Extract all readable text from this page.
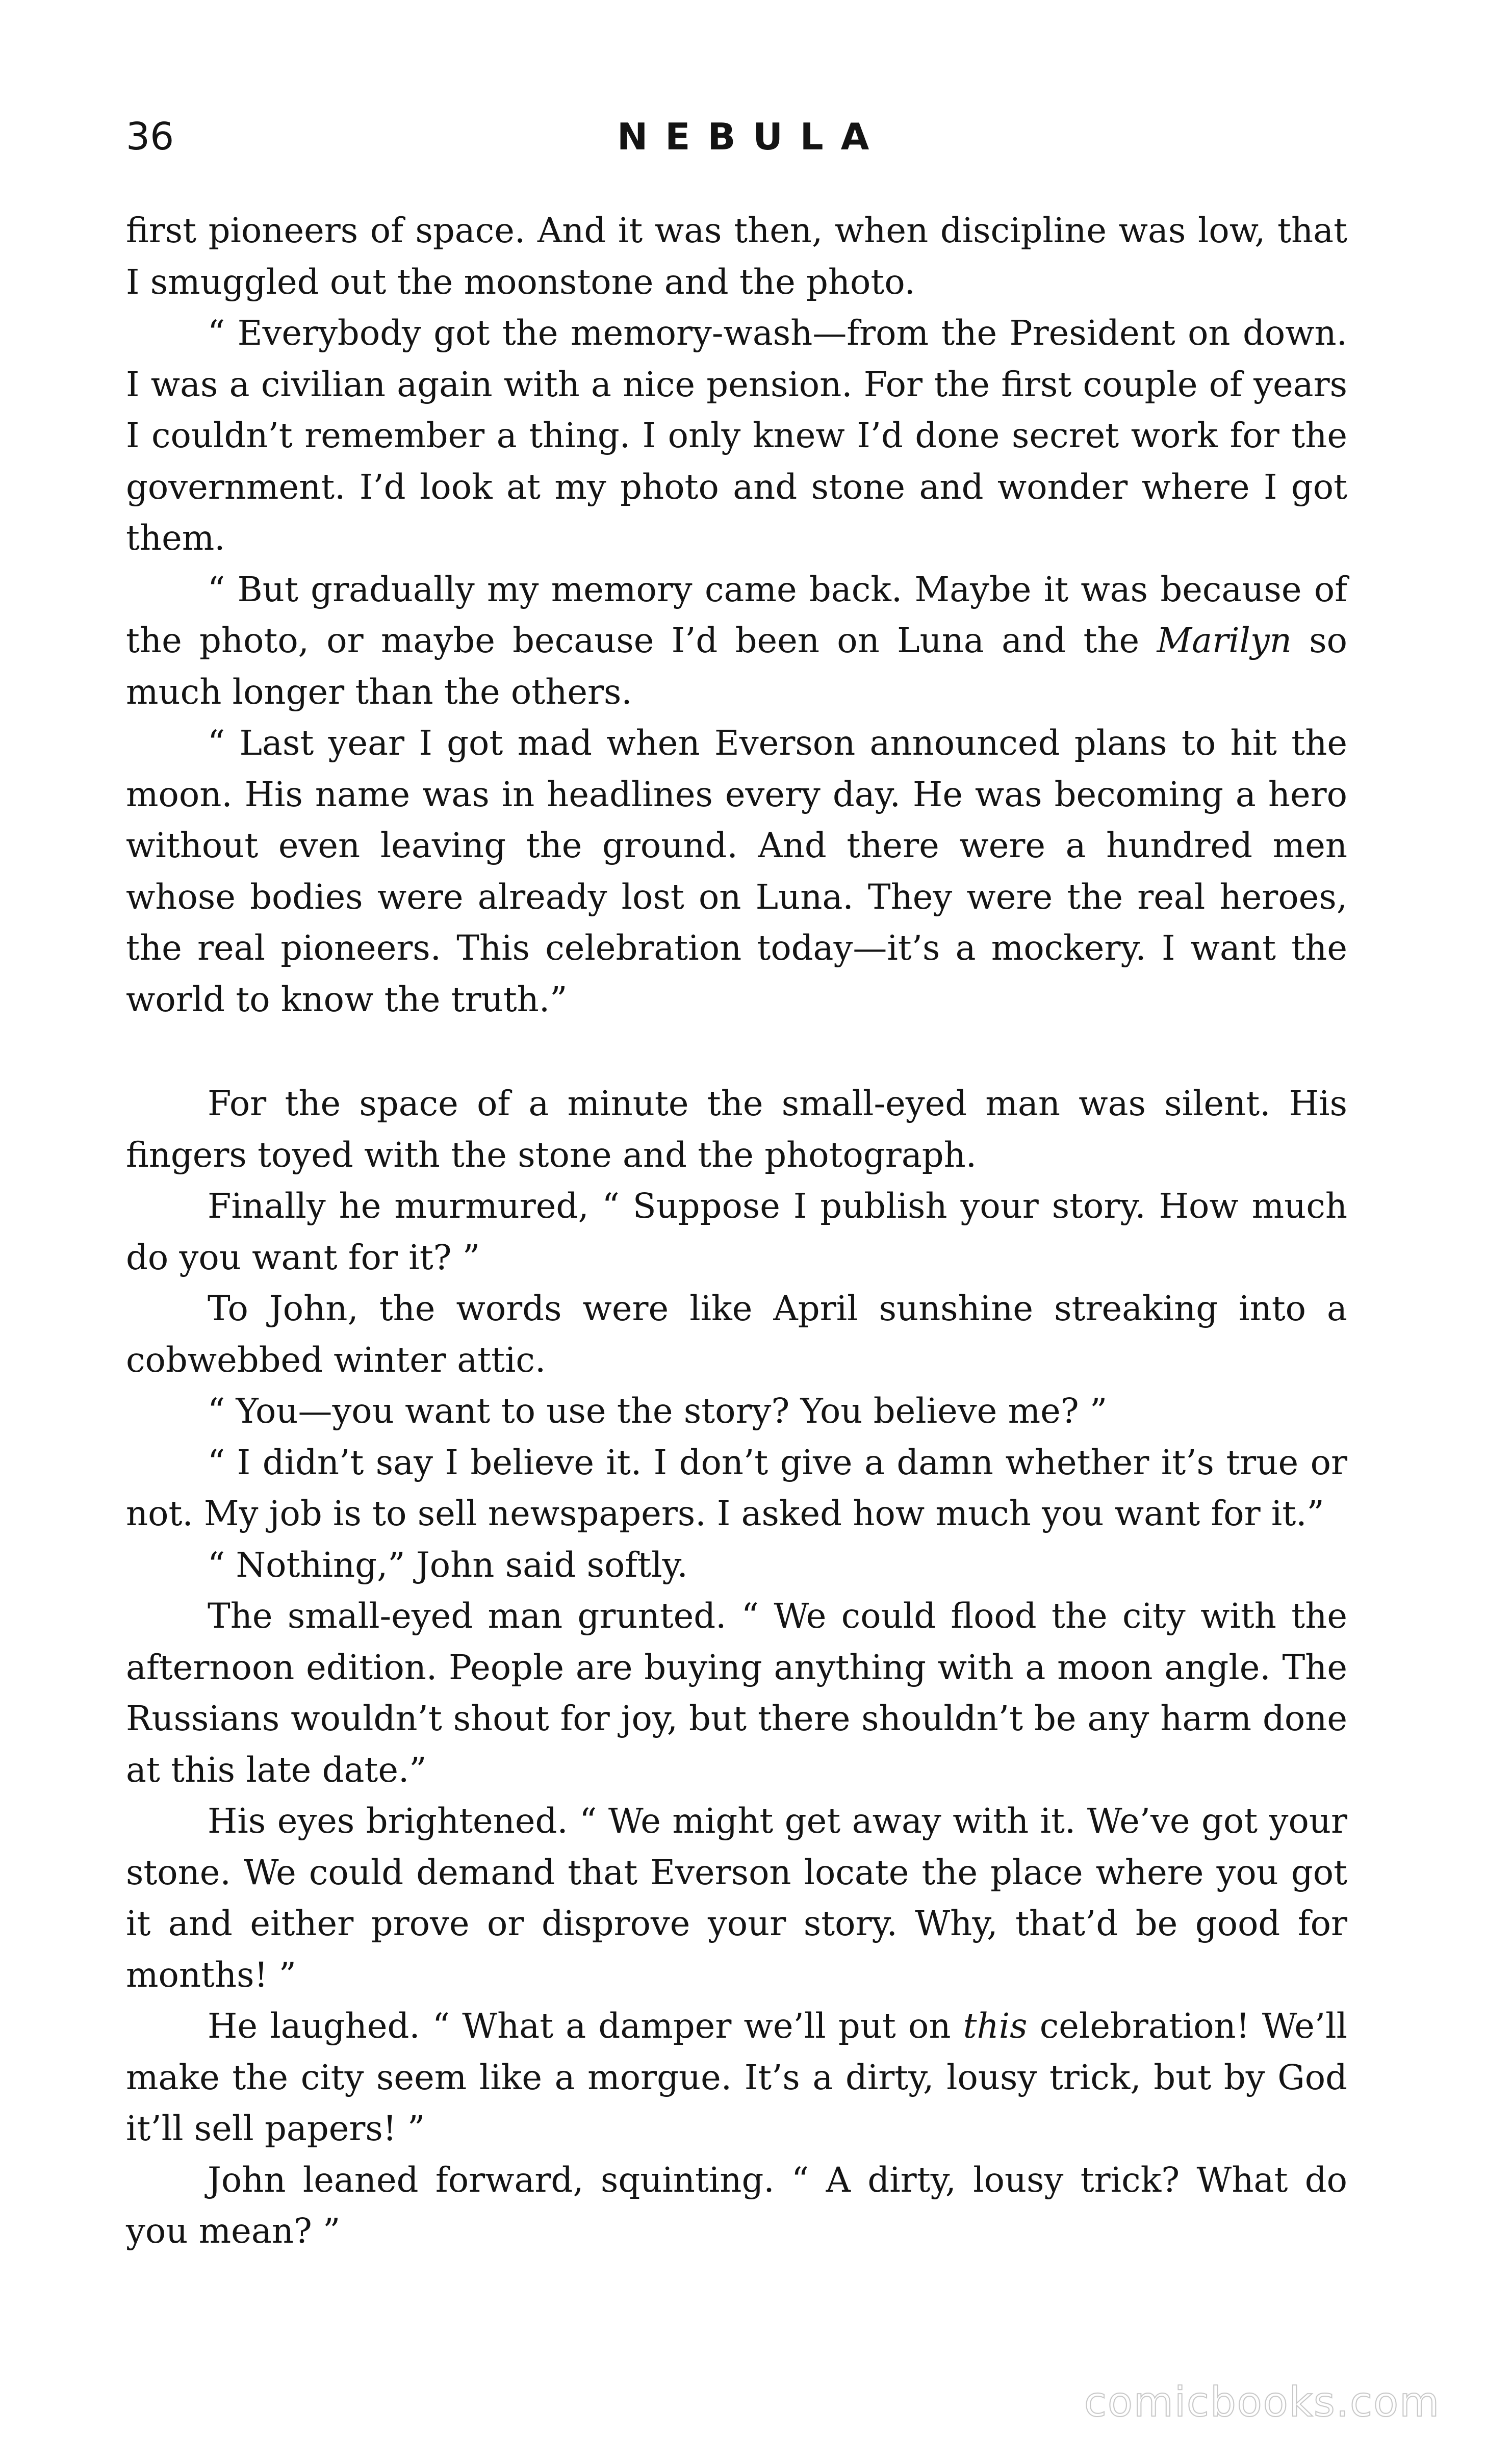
36	NEBULA

first pioneers of space. And it was then, when discipline was low, that I smuggled out the moonstone and the photo.

“ Everybody got the memory-wash—from the President on down. I was a civilian again with a nice pension. For the first couple of years I couldn’t remember a thing. I only knew I’d done secret work for the government. I’d look at my photo and stone and wonder where I got them.

“ But gradually my memory came back. Maybe it was because of the photo, or maybe because I’d been on Luna and the Marilyn so much longer than the others.

“ Last year I got mad when Everson announced plans to hit the moon. His name was in headlines every day. He was becoming a hero without even leaving the ground. And there were a hundred men whose bodies were already lost on Luna. They were the real heroes, the real pioneers. This celebration today—it’s a mockery. I want the world to know the truth.”

For the space of a minute the small-eyed man was silent. His fingers toyed with the stone and the photograph.

Finally he murmured, “ Suppose I publish your story. How much do you want for it? ”

To John, the words were like April sunshine streaking into a cobwebbed winter attic.

“ You—you want to use the story? You believe me? ”

“ I didn’t say I believe it. I don’t give a damn whether it’s true or not. My job is to sell newspapers. I asked how much you want for it.”

“ Nothing,” John said softly.

The small-eyed man grunted. “ We could flood the city with the afternoon edition. People are buying anything with a moon angle. The Russians wouldn’t shout for joy, but there shouldn’t be any harm done at this late date.”

His eyes brightened. “ We might get away with it. We’ve got your stone. We could demand that Everson locate the place where you got it and either prove or disprove your story. Why, that’d be good for months! ”

He laughed. “ What a damper we’ll put on this celebration! We’ll make the city seem like a morgue. It’s a dirty, lousy trick, but by God it’ll sell papers! ”

John leaned forward, squinting. “ A dirty, lousy trick? What do you mean? ”

comicbooks.com
